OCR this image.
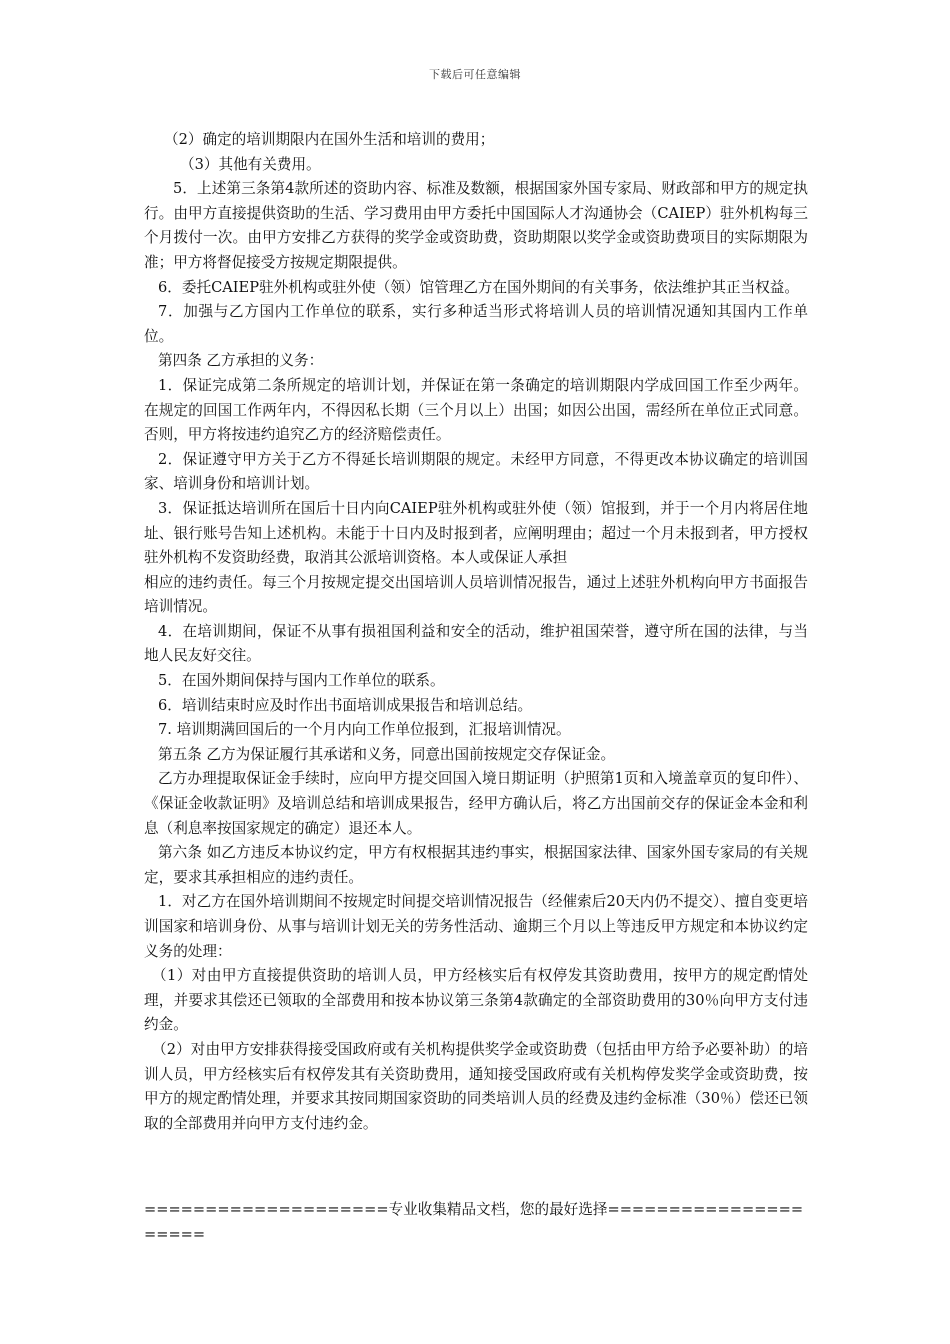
下载后可任意编辑

（2）确定的培训期限内在国外生活和培训的费用；

（3）其他有关费用。

5．上述第三条第4款所述的资助内容、标准及数额，根据国家外国专家局、财政部和甲方的规定执行。由甲方直接提供资助的生活、学习费用由甲方委托中国国际人才沟通协会（CAIEP）驻外机构每三个月拨付一次。由甲方安排乙方获得的奖学金或资助费，资助期限以奖学金或资助费项目的实际期限为准；甲方将督促接受方按规定期限提供。

6．委托CAIEP驻外机构或驻外使（领）馆管理乙方在国外期间的有关事务，依法维护其正当权益。

7．加强与乙方国内工作单位的联系，实行多种适当形式将培训人员的培训情况通知其国内工作单位。

第四条 乙方承担的义务：

1．保证完成第二条所规定的培训计划，并保证在第一条确定的培训期限内学成回国工作至少两年。在规定的回国工作两年内，不得因私长期（三个月以上）出国；如因公出国，需经所在单位正式同意。否则，甲方将按违约追究乙方的经济赔偿责任。

2．保证遵守甲方关于乙方不得延长培训期限的规定。未经甲方同意，不得更改本协议确定的培训国家、培训身份和培训计划。

3．保证抵达培训所在国后十日内向CAIEP驻外机构或驻外使（领）馆报到，并于一个月内将居住地址、银行账号告知上述机构。未能于十日内及时报到者，应阐明理由；超过一个月未报到者，甲方授权驻外机构不发资助经费，取消其公派培训资格。本人或保证人承担

相应的违约责任。每三个月按规定提交出国培训人员培训情况报告，通过上述驻外机构向甲方书面报告培训情况。

4．在培训期间，保证不从事有损祖国利益和安全的活动，维护祖国荣誉，遵守所在国的法律，与当地人民友好交往。

5．在国外期间保持与国内工作单位的联系。

6．培训结束时应及时作出书面培训成果报告和培训总结。

7. 培训期满回国后的一个月内向工作单位报到，汇报培训情况。

第五条 乙方为保证履行其承诺和义务，同意出国前按规定交存保证金。

乙方办理提取保证金手续时，应向甲方提交回国入境日期证明（护照第1页和入境盖章页的复印件）、《保证金收款证明》及培训总结和培训成果报告，经甲方确认后，将乙方出国前交存的保证金本金和利息（利息率按国家规定的确定）退还本人。

第六条 如乙方违反本协议约定，甲方有权根据其违约事实，根据国家法律、国家外国专家局的有关规定，要求其承担相应的违约责任。

1．对乙方在国外培训期间不按规定时间提交培训情况报告（经催索后20天内仍不提交）、擅自变更培训国家和培训身份、从事与培训计划无关的劳务性活动、逾期三个月以上等违反甲方规定和本协议约定义务的处理：

（1）对由甲方直接提供资助的培训人员，甲方经核实后有权停发其资助费用，按甲方的规定酌情处理，并要求其偿还已领取的全部费用和按本协议第三条第4款确定的全部资助费用的30％向甲方支付违约金。

（2）对由甲方安排获得接受国政府或有关机构提供奖学金或资助费（包括由甲方给予必要补助）的培训人员，甲方经核实后有权停发其有关资助费用，通知接受国政府或有关机构停发奖学金或资助费，按甲方的规定酌情处理，并要求其按同期国家资助的同类培训人员的经费及违约金标准（30％）偿还已领取的全部费用并向甲方支付违约金。

====================专业收集精品文档，您的最好选择=====================
